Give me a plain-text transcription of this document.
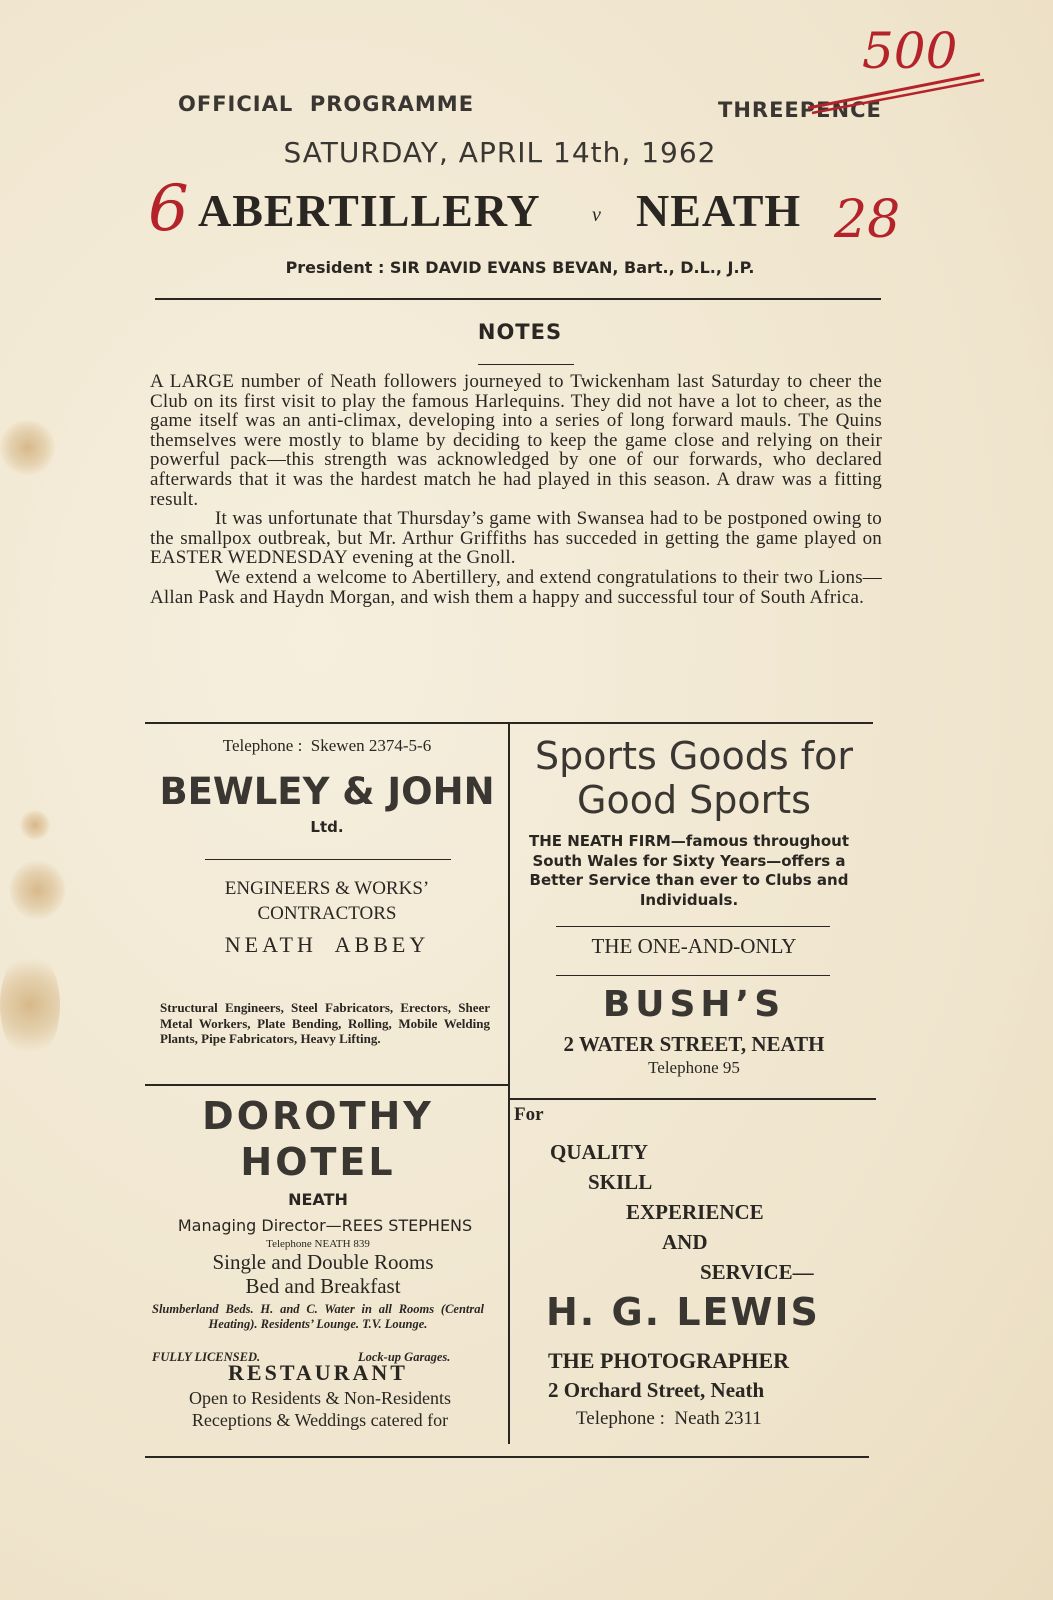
OFFICIAL  PROGRAMME	THREEPENCE
500
SATURDAY, APRIL 14th, 1962
6 ABERTILLERY	v NEATH 28
President : SIR DAVID EVANS BEVAN, Bart., D.L., J.P.
NOTES

A LARGE number of Neath followers journeyed to Twickenham last Saturday to cheer the Club on its first visit to play the famous Harlequins. They did not have a lot to cheer, as the game itself was an anti-climax, developing into a series of long forward mauls. The Quins themselves were mostly to blame by deciding to keep the game close and relying on their powerful pack—this strength was acknowledged by one of our forwards, who declared afterwards that it was the hardest match he had played in this season. A draw was a fitting result.

It was unfortunate that Thursday’s game with Swansea had to be postponed owing to the smallpox outbreak, but Mr. Arthur Griffiths has succeded in getting the game played on EASTER WEDNESDAY evening at the Gnoll.

We extend a welcome to Abertillery, and extend congratulations to their two Lions—Allan Pask and Haydn Morgan, and wish them a happy and successful tour of South Africa.

Telephone :  Skewen 2374-5-6
BEWLEY & JOHN
Ltd.
ENGINEERS & WORKS’
CONTRACTORS
NEATH  ABBEY
Structural Engineers, Steel Fabricators, Erectors, Sheer Metal Workers, Plate Bending, Rolling, Mobile Welding Plants, Pipe Fabricators, Heavy Lifting.
Sports Goods for
Good Sports
THE NEATH FIRM—famous throughout South Wales for Sixty Years—offers a Better Service than ever to Clubs and Individuals.
THE ONE-AND-ONLY
BUSH’S
2 WATER STREET, NEATH
Telephone 95
DOROTHY
HOTEL
NEATH
Managing Director—REES STEPHENS
Telephone NEATH 839
Single and Double Rooms
Bed and Breakfast
Slumberland Beds. H. and C. Water in all Rooms (Central Heating). Residents’ Lounge. T.V. Lounge.
FULLY LICENSED.	Lock-up Garages.
RESTAURANT
Open to Residents & Non-Residents
Receptions & Weddings catered for
For
QUALITY
SKILL
EXPERIENCE
AND
SERVICE—
H. G. LEWIS
THE PHOTOGRAPHER
2 Orchard Street, Neath
Telephone :  Neath 2311
